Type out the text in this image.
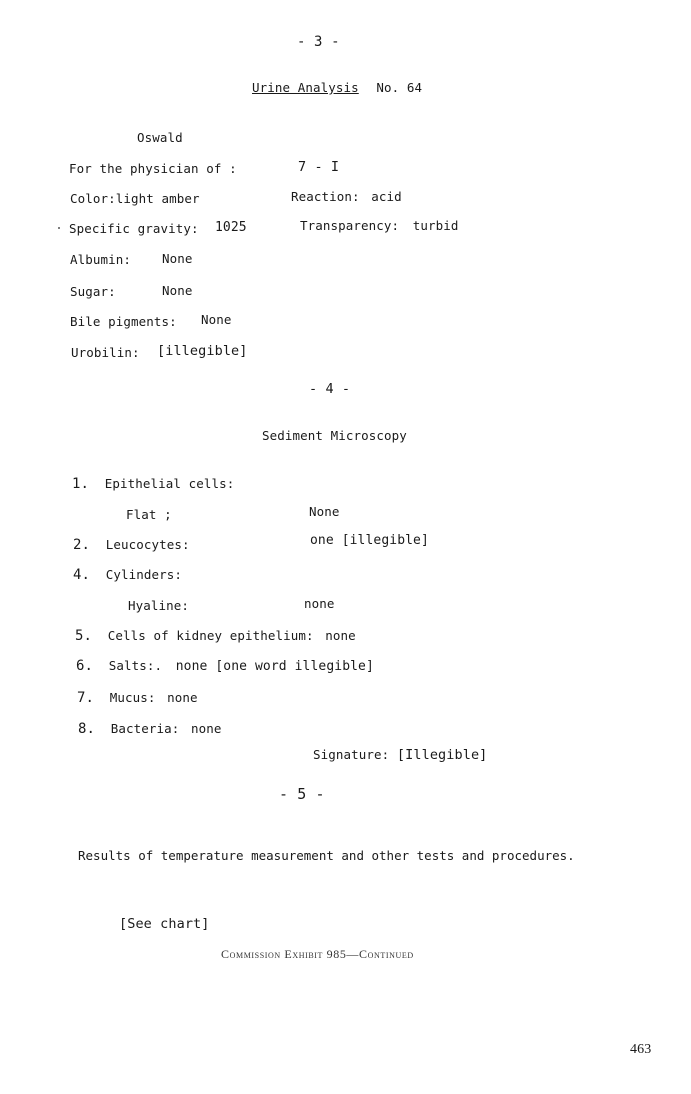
- 3 -
Urine Analysis No. 64
Oswald
For the physician of :	7 - I
Color:light amber	Reaction: acid
Specific gravity: 1025	Transparency: turbid
Albumin: None
Sugar:	None
Bile pigments: None
Urobilin: [illegible]
- 4 -
Sediment Microscopy
1. Epithelial cells:
Flat ;	None
2. Leucocytes:	one [illegible]
4. Cylinders:
Hyaline:	none
5. Cells of kidney epithelium: none
6. Salts:. none [one word illegible]
7. Mucus: none
8. Bacteria: none
Signature: [Illegible]
- 5 -
Results of temperature measurement and other tests and procedures.
[See chart]
Commission Exhibit 985—Continued
463
